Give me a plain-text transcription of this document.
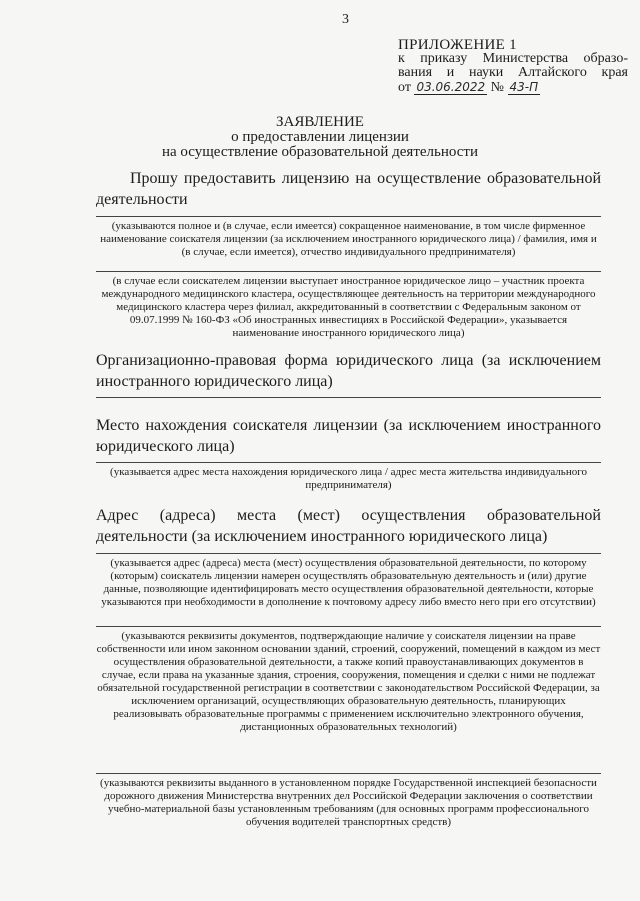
3
ПРИЛОЖЕНИЕ 1
к приказу Министерства образо-
вания и науки Алтайского края
от 03.06.2022 № 43-П
ЗАЯВЛЕНИЕ
о предоставлении лицензии
на осуществление образовательной деятельности
Прошу предоставить лицензию на осуществление образовательной деятельности
(указываются полное и (в случае, если имеется) сокращенное наименование, в том числе фирменное наименование соискателя лицензии (за исключением иностранного юридического лица) / фамилия, имя и (в случае, если имеется), отчество индивидуального предпринимателя)
(в случае если соискателем лицензии выступает иностранное юридическое лицо – участник проекта международного медицинского кластера, осуществляющее деятельность на территории международного медицинского кластера через филиал, аккредитованный в соответствии с Федеральным законом от 09.07.1999 № 160-ФЗ «Об иностранных инвестициях в Российской Федерации», указывается наименование иностранного юридического лица)
Организационно-правовая форма юридического лица (за исключением иностранного юридического лица)
Место нахождения соискателя лицензии (за исключением иностранного юридического лица)
(указывается адрес места нахождения юридического лица / адрес места жительства индивидуального предпринимателя)
Адрес (адреса) места (мест) осуществления образовательной деятельности (за исключением иностранного юридического лица)
(указывается адрес (адреса) места (мест) осуществления образовательной деятельности, по которому (которым) соискатель лицензии намерен осуществлять образовательную деятельность и (или) другие данные, позволяющие идентифицировать место осуществления образовательной деятельности, которые указываются при необходимости в дополнение к почтовому адресу либо вместо него при его отсутствии)
(указываются реквизиты документов, подтверждающие наличие у соискателя лицензии на праве собственности или ином законном основании зданий, строений, сооружений, помещений в каждом из мест осуществления образовательной деятельности, а также копий правоустанавливающих документов в случае, если права на указанные здания, строения, сооружения, помещения и сделки с ними не подлежат обязательной государственной регистрации в соответствии с законодательством Российской Федерации, за исключением организаций, осуществляющих образовательную деятельность, планирующих реализовывать образовательные программы с применением исключительно электронного обучения, дистанционных образовательных технологий)
(указываются реквизиты выданного в установленном порядке Государственной инспекцией безопасности дорожного движения Министерства внутренних дел Российской Федерации заключения о соответствии учебно-материальной базы установленным требованиям (для основных программ профессионального обучения водителей транспортных средств)
